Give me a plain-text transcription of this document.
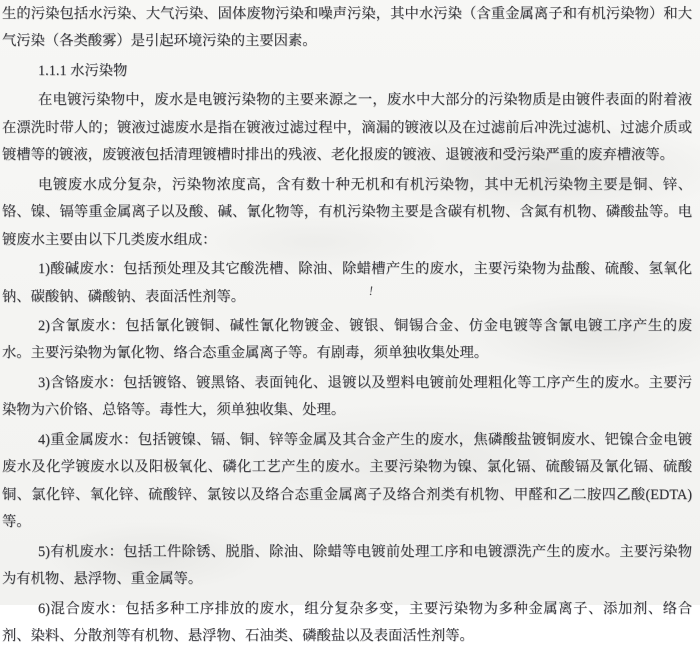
生的污染包括水污染、大气污染、固体废物污染和噪声污染，其中水污染（含重金属离子和有机污染物）和大气污染（各类酸雾）是引起环境污染的主要因素。

1.1.1 水污染物

在电镀污染物中，废水是电镀污染物的主要来源之一，废水中大部分的污染物质是由镀件表面的附着液在漂洗时带人的；镀液过滤废水是指在镀液过滤过程中，滴漏的镀液以及在过滤前后冲洗过滤机、过滤介质或镀槽等的镀液，废镀液包括清理镀槽时排出的残液、老化报废的镀液、退镀液和受污染严重的废弃槽液等。

电镀废水成分复杂，污染物浓度高，含有数十种无机和有机污染物，其中无机污染物主要是铜、锌、铬、镍、镉等重金属离子以及酸、碱、氰化物等，有机污染物主要是含碳有机物、含氮有机物、磷酸盐等。电镀废水主要由以下几类废水组成：

1)酸碱废水：包括预处理及其它酸洗槽、除油、除蜡槽产生的废水，主要污染物为盐酸、硫酸、氢氧化钠、碳酸钠、磷酸钠、表面活性剂等。

2)含氰废水：包括氰化镀铜、碱性氰化物镀金、镀银、铜锡合金、仿金电镀等含氰电镀工序产生的废水。主要污染物为氰化物、络合态重金属离子等。有剧毒，须单独收集处理。

3)含铬废水：包括镀铬、镀黑铬、表面钝化、退镀以及塑料电镀前处理粗化等工序产生的废水。主要污染物为六价铬、总铬等。毒性大，须单独收集、处理。

4)重金属废水：包括镀镍、镉、铜、锌等金属及其合金产生的废水，焦磷酸盐镀铜废水、钯镍合金电镀废水及化学镀废水以及阳极氧化、磷化工艺产生的废水。主要污染物为镍、氯化镉、硫酸镉及氰化镉、硫酸铜、氯化锌、氧化锌、硫酸锌、氯铵以及络合态重金属离子及络合剂类有机物、甲醛和乙二胺四乙酸(EDTA)等。

5)有机废水：包括工件除锈、脱脂、除油、除蜡等电镀前处理工序和电镀漂洗产生的废水。主要污染物为有机物、悬浮物、重金属等。

6)混合废水：包括多种工序排放的废水，组分复杂多变，主要污染物为多种金属离子、添加剂、络合剂、染料、分散剂等有机物、悬浮物、石油类、磷酸盐以及表面活性剂等。

!
